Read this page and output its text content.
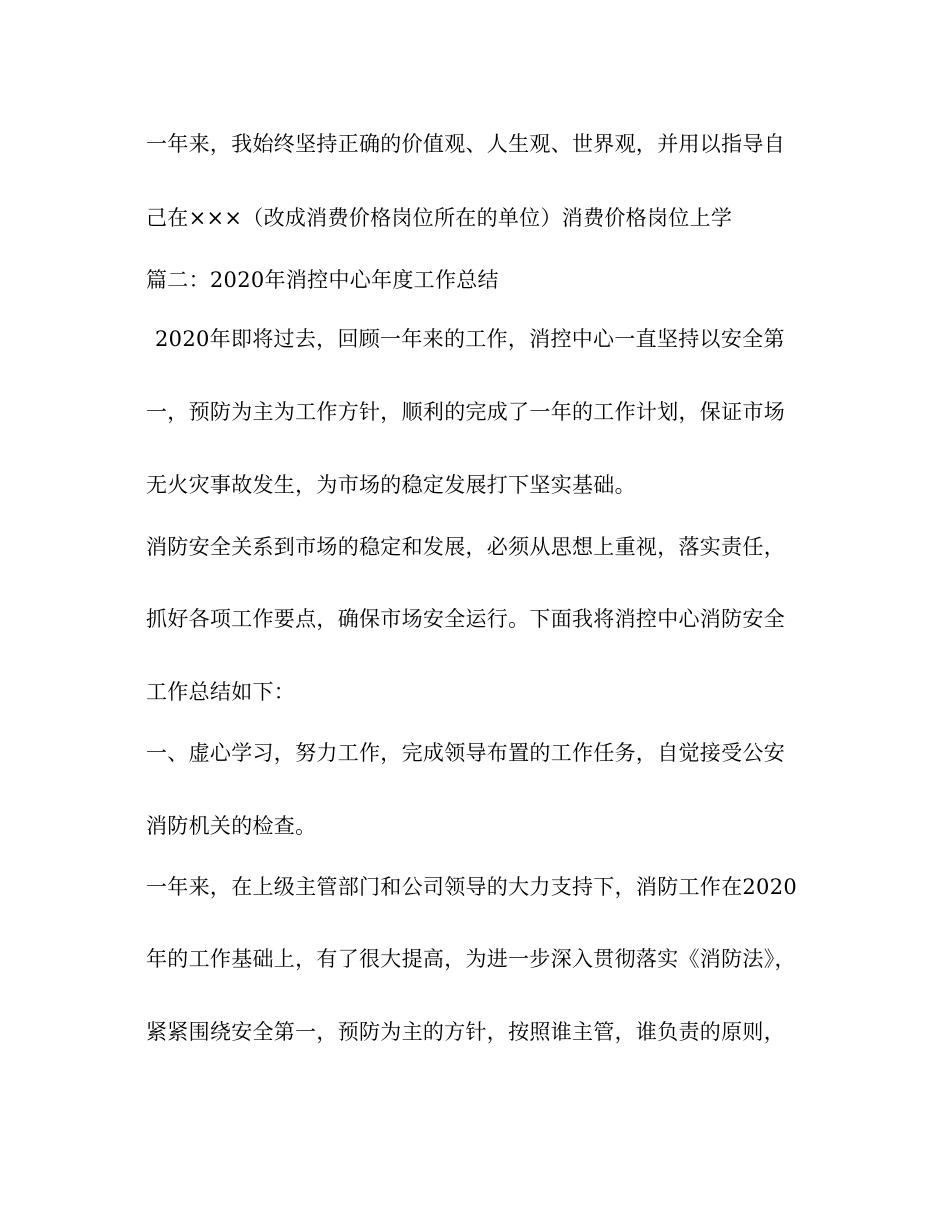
一年来，我始终坚持正确的价值观、人生观、世界观，并用以指导自
己在×××（改成消费价格岗位所在的单位）消费价格岗位上学
篇二：2020年消控中心年度工作总结
2020年即将过去，回顾一年来的工作，消控中心一直坚持以安全第
一，预防为主为工作方针，顺利的完成了一年的工作计划，保证市场
无火灾事故发生，为市场的稳定发展打下坚实基础。
消防安全关系到市场的稳定和发展，必须从思想上重视，落实责任，
抓好各项工作要点，确保市场安全运行。下面我将消控中心消防安全
工作总结如下：
一、虚心学习，努力工作，完成领导布置的工作任务，自觉接受公安
消防机关的检查。
一年来，在上级主管部门和公司领导的大力支持下，消防工作在2020
年的工作基础上，有了很大提高，为进一步深入贯彻落实《消防法》，
紧紧围绕安全第一，预防为主的方针，按照谁主管，谁负责的原则，
